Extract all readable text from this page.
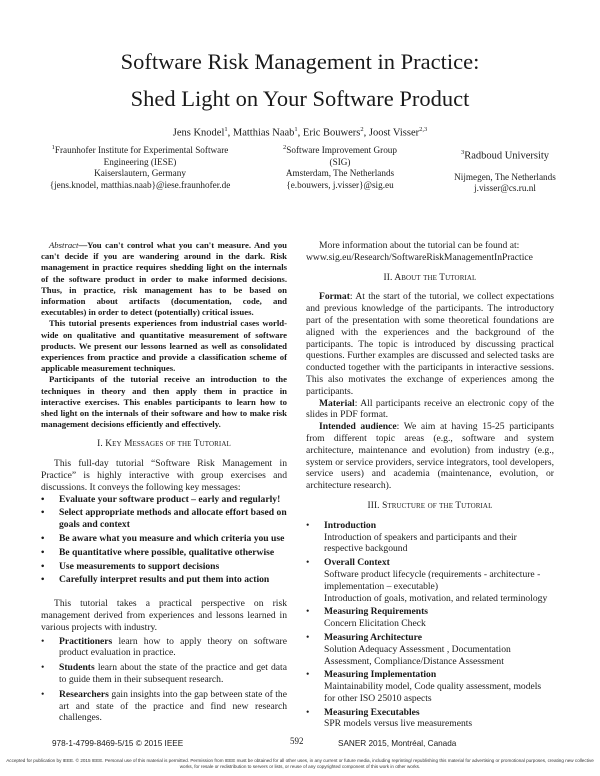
Software Risk Management in Practice:
Shed Light on Your Software Product
Jens Knodel$^1$, Matthias Naab$^1$, Eric Bouwers$^2$, Joost Visser$^{2,3}$
$^1$Fraunhofer Institute for Experimental Software
Engineering (IESE)
Kaiserslautern, Germany
{jens.knodel, matthias.naab}@iese.fraunhofer.de
$^2$Software Improvement Group
(SIG)
Amsterdam, The Netherlands
{e.bouwers, j.visser}@sig.eu
$^3$Radboud University
Nijmegen, The Netherlands
j.visser@cs.ru.nl

Abstract—You can't control what you can't measure. And you can't decide if you are wandering around in the dark. Risk management in practice requires shedding light on the internals of the software product in order to make informed decisions. Thus, in practice, risk management has to be based on information about artifacts (documentation, code, and executables) in order to detect (potentially) critical issues.

This tutorial presents experiences from industrial cases world-wide on qualitative and quantitative measurement of software products. We present our lessons learned as well as consolidated experiences from practice and provide a classification scheme of applicable measurement techniques.

Participants of the tutorial receive an introduction to the techniques in theory and then apply them in practice in interactive exercises. This enables participants to learn how to shed light on the internals of their software and how to make risk management decisions efficiently and effectively.

I. Key Messages of the Tutorial

This full-day tutorial “Software Risk Management in Practice” is highly interactive with group exercises and discussions. It conveys the following key messages:

• Evaluate your software product – early and regularly!
• Select appropriate methods and allocate effort based on goals and context
• Be aware what you measure and which criteria you use
• Be quantitative where possible, qualitative otherwise
• Use measurements to support decisions
• Carefully interpret results and put them into action

This tutorial takes a practical perspective on risk management derived from experiences and lessons learned in various projects with industry.

• Practitioners learn how to apply theory on software product evaluation in practice.
• Students learn about the state of the practice and get data to guide them in their subsequent research.
• Researchers gain insights into the gap between state of the art and state of the practice and find new research challenges.

More information about the tutorial can be found at:

www.sig.eu/Research/SoftwareRiskManagementInPractice

II. About the Tutorial

Format: At the start of the tutorial, we collect expectations and previous knowledge of the participants. The introductory part of the presentation with some theoretical foundations are aligned with the experiences and the background of the participants. The topic is introduced by discussing practical questions. Further examples are discussed and selected tasks are conducted together with the participants in interactive sessions. This also motivates the exchange of experiences among the participants.

Material: All participants receive an electronic copy of the slides in PDF format.

Intended audience: We aim at having 15-25 participants from different topic areas (e.g., software and system architecture, maintenance and evolution) from industry (e.g., system or service providers, service integrators, tool developers, service users) and academia (maintenance, evolution, or architecture research).

III. Structure of the Tutorial
• Introduction
Introduction of speakers and participants and their respective backgound
• Overall Context
Software product lifecycle (requirements - architecture - implementation – executable)
Introduction of goals, motivation, and related terminology
• Measuring Requirements
Concern Elicitation Check
• Measuring Architecture
Solution Adequacy Assessment , Documentation Assessment, Compliance/Distance Assessment
• Measuring Implementation
Maintainability model, Code quality assessment, models for other ISO 25010 aspects
• Measuring Executables
SPR models versus live measurements
978-1-4799-8469-5/15 © 2015 IEEE	592	SANER 2015, Montréal, Canada
Accepted for publication by IEEE. © 2015 IEEE. Personal use of this material is permitted. Permission from IEEE must be obtained for all other uses, in any current or future media, including reprinting/ republishing this material for advertising or promotional purposes, creating new collective works, for resale or redistribution to servers or lists, or reuse of any copyrighted component of this work in other works.
